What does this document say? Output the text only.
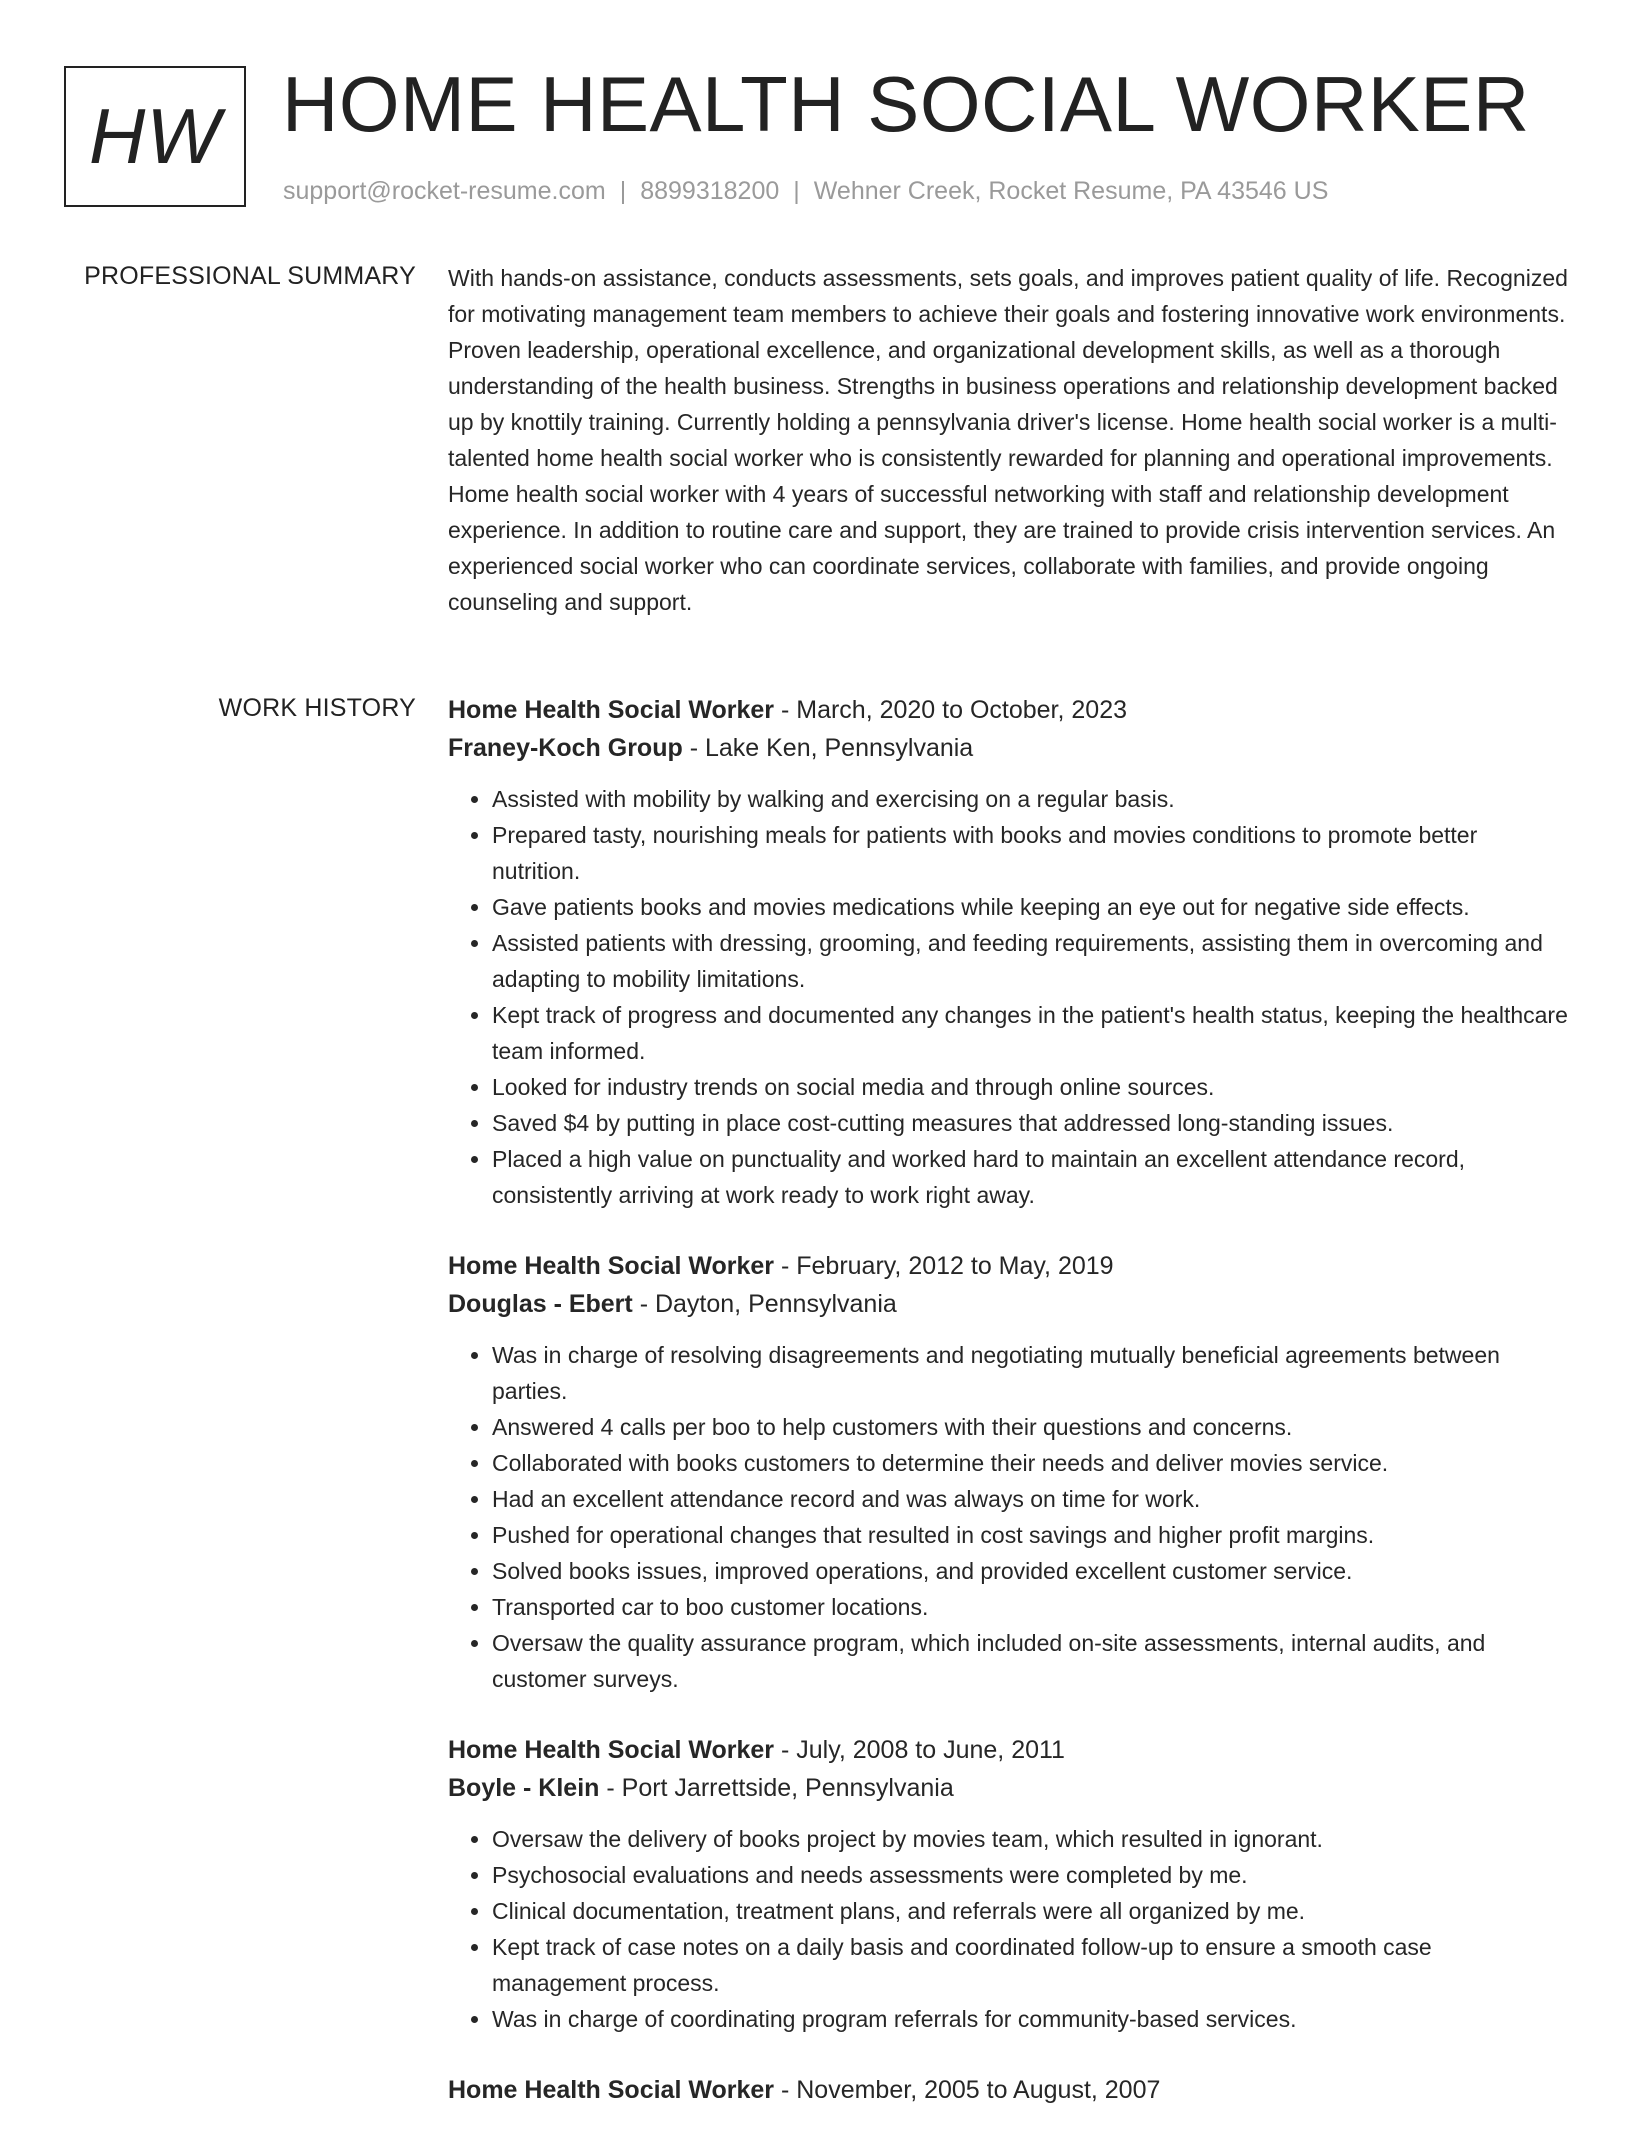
HW HOME HEALTH SOCIAL WORKER
support@rocket-resume.com | 8899318200 | Wehner Creek, Rocket Resume, PA 43546 US
PROFESSIONAL SUMMARY With hands-on assistance, conducts assessments, sets goals, and improves patient quality of life. Recognized for motivating management team members to achieve their goals and fostering innovative work environments. Proven leadership, operational excellence, and organizational development skills, as well as a thorough understanding of the health business. Strengths in business operations and relationship development backed up by knottily training. Currently holding a pennsylvania driver's license. Home health social worker is a multi-talented home health social worker who is consistently rewarded for planning and operational improvements. Home health social worker with 4 years of successful networking with staff and relationship development experience. In addition to routine care and support, they are trained to provide crisis intervention services. An experienced social worker who can coordinate services, collaborate with families, and provide ongoing counseling and support.

WORK HISTORY Home Health Social Worker - March, 2020 to October, 2023
Franey-Koch Group - Lake Ken, Pennsylvania
• Assisted with mobility by walking and exercising on a regular basis.
• Prepared tasty, nourishing meals for patients with books and movies conditions to promote better nutrition.
• Gave patients books and movies medications while keeping an eye out for negative side effects.
• Assisted patients with dressing, grooming, and feeding requirements, assisting them in overcoming and adapting to mobility limitations.
• Kept track of progress and documented any changes in the patient's health status, keeping the healthcare team informed.
• Looked for industry trends on social media and through online sources.
• Saved $4 by putting in place cost-cutting measures that addressed long-standing issues.
• Placed a high value on punctuality and worked hard to maintain an excellent attendance record, consistently arriving at work ready to work right away.
Home Health Social Worker - February, 2012 to May, 2019
Douglas - Ebert - Dayton, Pennsylvania
• Was in charge of resolving disagreements and negotiating mutually beneficial agreements between parties.
• Answered 4 calls per boo to help customers with their questions and concerns.
• Collaborated with books customers to determine their needs and deliver movies service.
• Had an excellent attendance record and was always on time for work.
• Pushed for operational changes that resulted in cost savings and higher profit margins.
• Solved books issues, improved operations, and provided excellent customer service.
• Transported car to boo customer locations.
• Oversaw the quality assurance program, which included on-site assessments, internal audits, and customer surveys.
Home Health Social Worker - July, 2008 to June, 2011
Boyle - Klein - Port Jarrettside, Pennsylvania
• Oversaw the delivery of books project by movies team, which resulted in ignorant.
• Psychosocial evaluations and needs assessments were completed by me.
• Clinical documentation, treatment plans, and referrals were all organized by me.
• Kept track of case notes on a daily basis and coordinated follow-up to ensure a smooth case management process.
• Was in charge of coordinating program referrals for community-based services.
Home Health Social Worker - November, 2005 to August, 2007
